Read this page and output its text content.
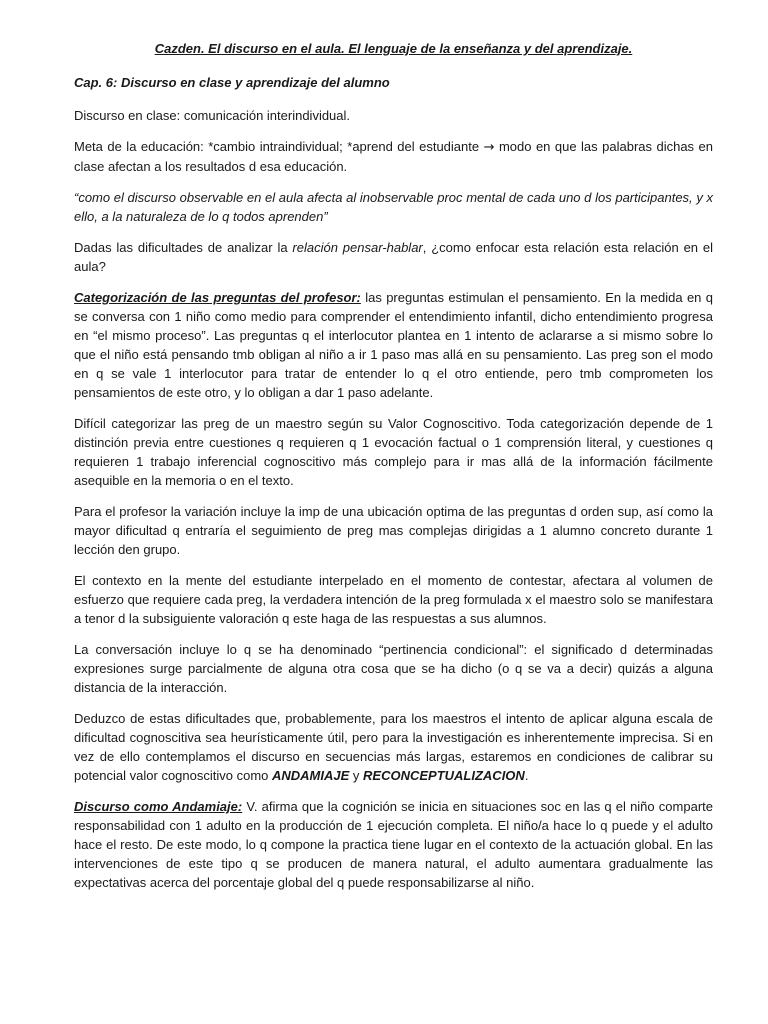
Cazden. El discurso en el aula. El lenguaje de la enseñanza y del aprendizaje.
Cap. 6: Discurso en clase y aprendizaje del alumno

Discurso en clase: comunicación interindividual.

Meta de la educación: *cambio intraindividual; *aprend del estudiante → modo en que las palabras dichas en clase afectan a los resultados d esa educación.

“como el discurso observable en el aula afecta al inobservable proc mental de cada uno d los participantes, y x ello, a la naturaleza de lo q todos aprenden”

Dadas las dificultades de analizar la relación pensar-hablar, ¿como enfocar esta relación esta relación en el aula?

Categorización de las preguntas del profesor: las preguntas estimulan el pensamiento. En la medida en q se conversa con 1 niño como medio para comprender el entendimiento infantil, dicho entendimiento progresa en “el mismo proceso”. Las preguntas q el interlocutor plantea en 1 intento de aclararse a si mismo sobre lo que el niño está pensando tmb obligan al niño a ir 1 paso mas allá en su pensamiento. Las preg son el modo en q se vale 1 interlocutor para tratar de entender lo q el otro entiende, pero tmb comprometen los pensamientos de este otro, y lo obligan a dar 1 paso adelante.

Difícil categorizar las preg de un maestro según su Valor Cognoscitivo. Toda categorización depende de 1 distinción previa entre cuestiones q requieren q 1 evocación factual o 1 comprensión literal, y cuestiones q requieren 1 trabajo inferencial cognoscitivo más complejo para ir mas allá de la información fácilmente asequible en la memoria o en el texto.

Para el profesor la variación incluye la imp de una ubicación optima de las preguntas d orden sup, así como la mayor dificultad q entraría el seguimiento de preg mas complejas dirigidas a 1 alumno concreto durante 1 lección den grupo.

El contexto en la mente del estudiante interpelado en el momento de contestar, afectara al volumen de esfuerzo que requiere cada preg, la verdadera intención de la preg formulada x el maestro solo se manifestara a tenor d la subsiguiente valoración q este haga de las respuestas a sus alumnos.

La conversación incluye lo q se ha denominado “pertinencia condicional”: el significado d determinadas expresiones surge parcialmente de alguna otra cosa que se ha dicho (o q se va a decir) quizás a alguna distancia de la interacción.

Deduzco de estas dificultades que, probablemente, para los maestros el intento de aplicar alguna escala de dificultad cognoscitiva sea heurísticamente útil, pero para la investigación es inherentemente imprecisa. Si en vez de ello contemplamos el discurso en secuencias más largas, estaremos en condiciones de calibrar su potencial valor cognoscitivo como ANDAMIAJE y RECONCEPTUALIZACION.

Discurso como Andamiaje: V. afirma que la cognición se inicia en situaciones soc en las q el niño comparte responsabilidad con 1 adulto en la producción de 1 ejecución completa. El niño/a hace lo q puede y el adulto hace el resto. De este modo, lo q compone la practica tiene lugar en el contexto de la actuación global. En las intervenciones de este tipo q se producen de manera natural, el adulto aumentara gradualmente las expectativas acerca del porcentaje global del q puede responsabilizarse al niño.
